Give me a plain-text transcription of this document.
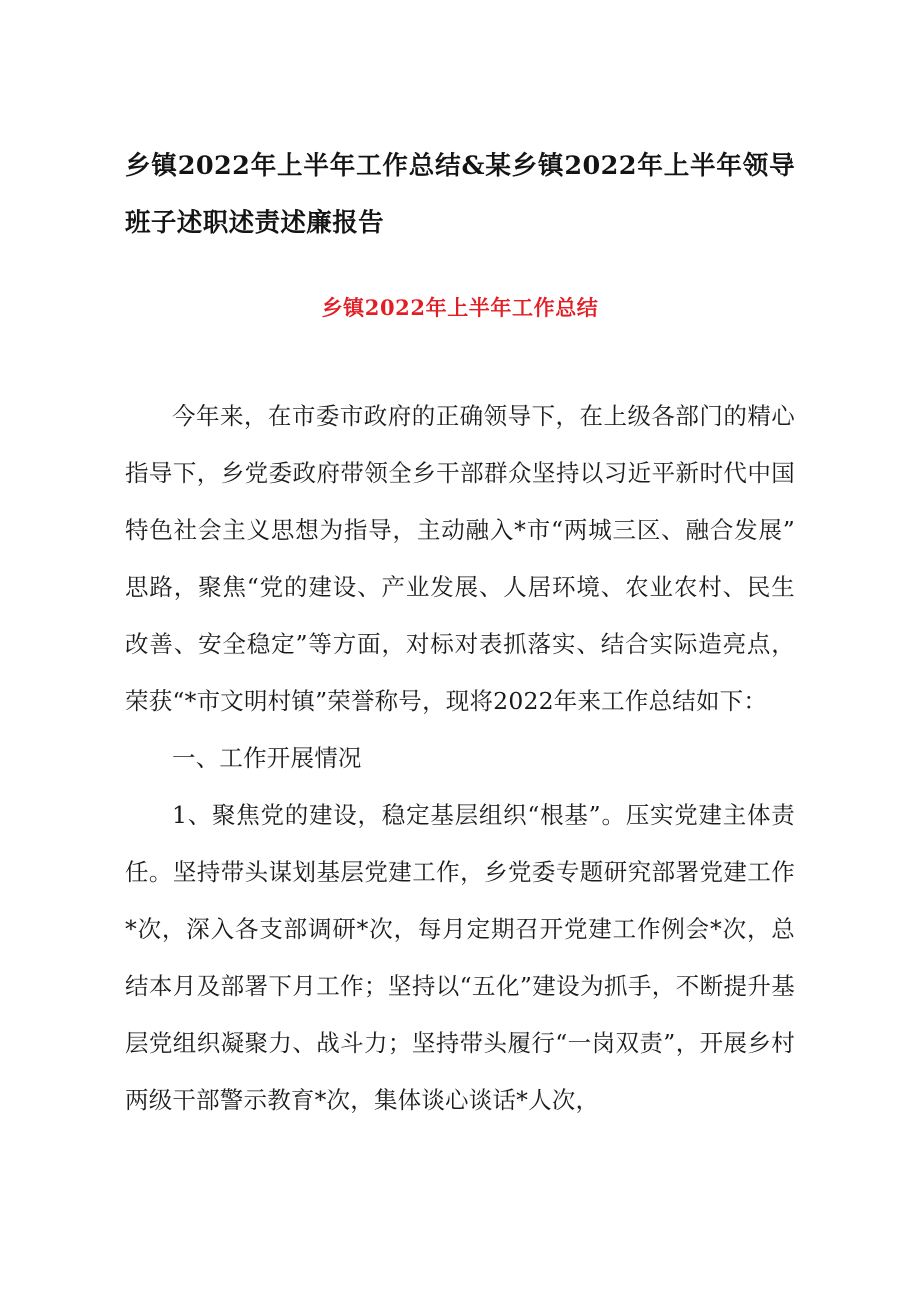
乡镇2022年上半年工作总结&某乡镇2022年上半年领导班子述职述责述廉报告
乡镇2022年上半年工作总结

今年来，在市委市政府的正确领导下，在上级各部门的精心指导下，乡党委政府带领全乡干部群众坚持以习近平新时代中国特色社会主义思想为指导，主动融入*市“两城三区、融合发展”思路，聚焦“党的建设、产业发展、人居环境、农业农村、民生改善、安全稳定”等方面，对标对表抓落实、结合实际造亮点，荣获“*市文明村镇”荣誉称号，现将2022年来工作总结如下：

一、工作开展情况

1、聚焦党的建设，稳定基层组织“根基”。压实党建主体责任。坚持带头谋划基层党建工作，乡党委专题研究部署党建工作*次，深入各支部调研*次，每月定期召开党建工作例会*次，总结本月及部署下月工作；坚持以“五化”建设为抓手，不断提升基层党组织凝聚力、战斗力；坚持带头履行“一岗双责”，开展乡村两级干部警示教育*次，集体谈心谈话*人次，
